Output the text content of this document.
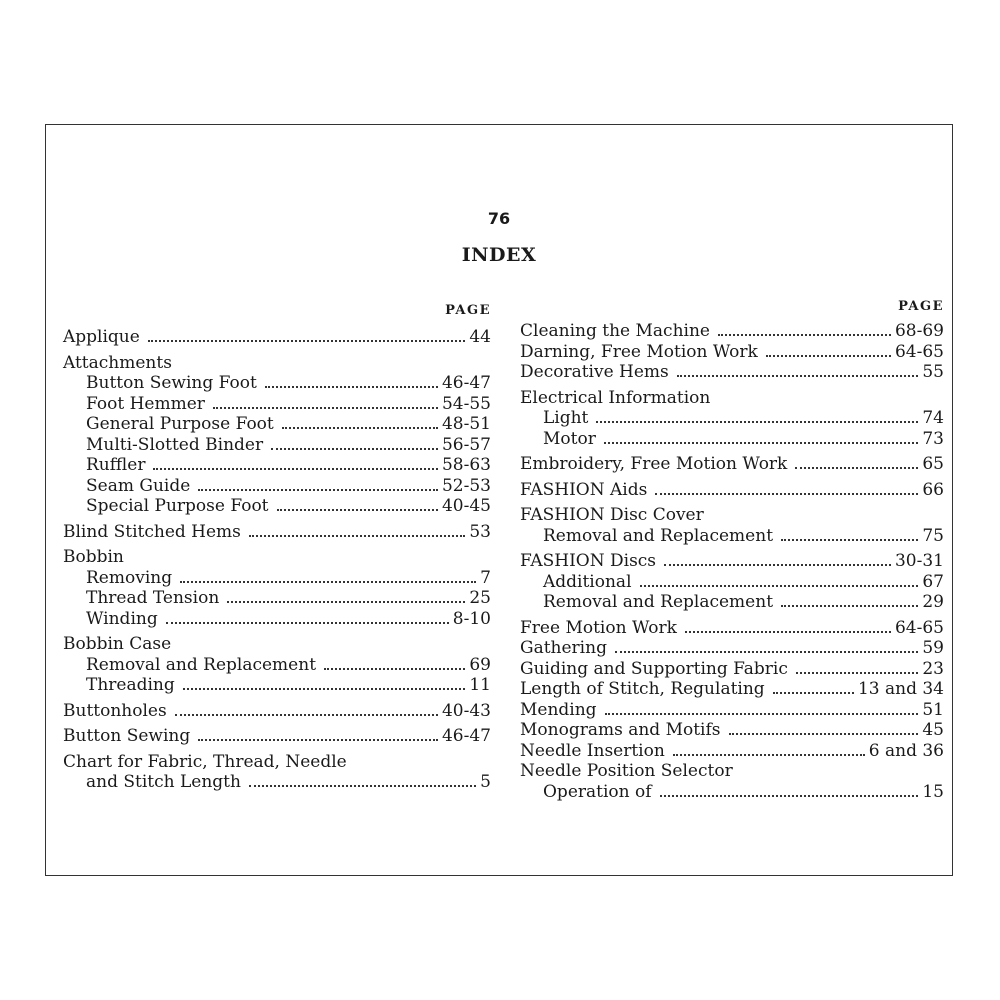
76
INDEX
PAGE
Applique	44
Attachments
Button Sewing Foot	46-47
Foot Hemmer	54-55
General Purpose Foot	48-51
Multi-Slotted Binder	56-57
Ruffler	58-63
Seam Guide	52-53
Special Purpose Foot	40-45
Blind Stitched Hems	53
Bobbin
Removing	7
Thread Tension	25
Winding	8-10
Bobbin Case
Removal and Replacement	69
Threading	11
Buttonholes	40-43
Button Sewing	46-47
Chart for Fabric, Thread, Needle
and Stitch Length	5
PAGE
Cleaning the Machine	68-69
Darning, Free Motion Work	64-65
Decorative Hems	55
Electrical Information
Light	74
Motor	73
Embroidery, Free Motion Work	65
FASHION Aids	66
FASHION Disc Cover
Removal and Replacement	75
FASHION Discs	30-31
Additional	67
Removal and Replacement	29
Free Motion Work	64-65
Gathering	59
Guiding and Supporting Fabric	23
Length of Stitch, Regulating	13 and 34
Mending	51
Monograms and Motifs	45
Needle Insertion	6 and 36
Needle Position Selector
Operation of	15
